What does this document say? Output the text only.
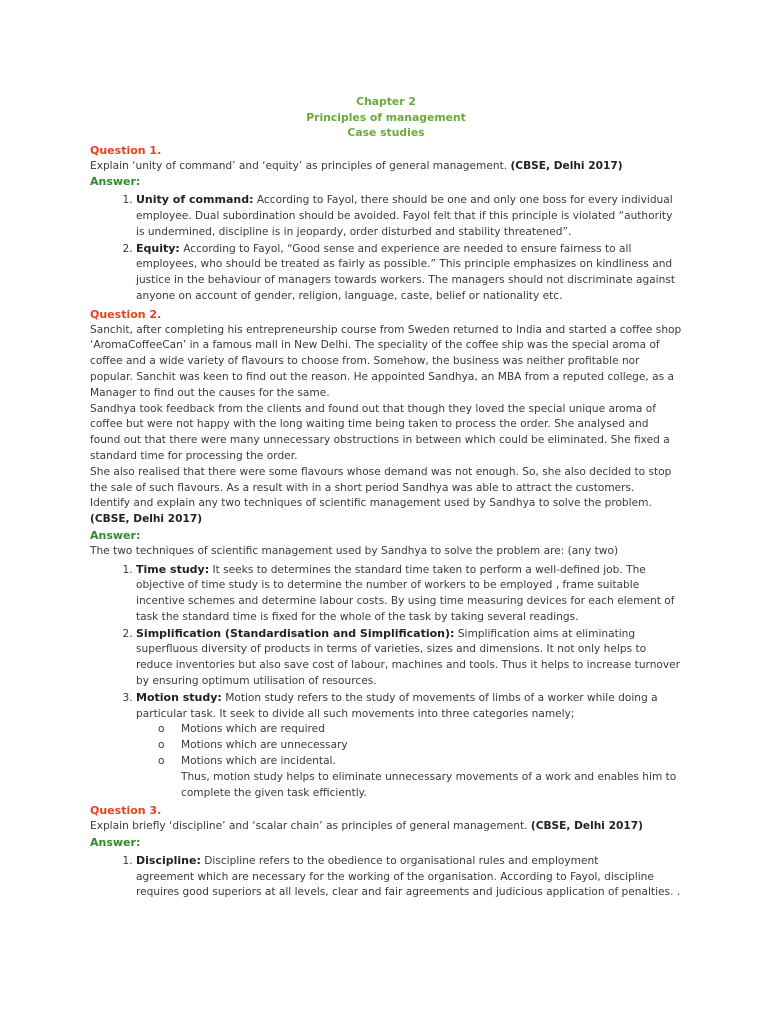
Chapter 2
Principles of management
Case studies
Question 1.

Explain ‘unity of command’ and ‘equity’ as principles of general management. (CBSE, Delhi 2017)

Answer:
1. Unity of command: According to Fayol, there should be one and only one boss for every individual employee. Dual subordination should be avoided. Fayol felt that if this principle is violated “authority is undermined, discipline is in jeopardy, order disturbed and stability threatened”.
2. Equity: According to Fayol, “Good sense and experience are needed to ensure fairness to all employees, who should be treated as fairly as possible.” This principle emphasizes on kindliness and justice in the behaviour of managers towards workers. The managers should not discriminate against anyone on account of gender, religion, language, caste, belief or nationality etc.
Question 2.

Sanchit, after completing his entrepreneurship course from Sweden returned to India and started a coffee shop ‘AromaCoffeeCan’ in a famous mall in New Delhi. The speciality of the coffee ship was the special aroma of coffee and a wide variety of flavours to choose from. Somehow, the business was neither profitable nor popular. Sanchit was keen to find out the reason. He appointed Sandhya, an MBA from a reputed college, as a Manager to find out the causes for the same.

Sandhya took feedback from the clients and found out that though they loved the special unique aroma of coffee but were not happy with the long waiting time being taken to process the order. She analysed and found out that there were many unnecessary obstructions in between which could be eliminated. She fixed a standard time for processing the order.

She also realised that there were some flavours whose demand was not enough. So, she also decided to stop the sale of such flavours. As a result with in a short period Sandhya was able to attract the customers.

Identify and explain any two techniques of scientific management used by Sandhya to solve the problem. (CBSE, Delhi 2017)

Answer:

The two techniques of scientific management used by Sandhya to solve the problem are: (any two)

1. Time study: It seeks to determines the standard time taken to perform a well-defined job. The objective of time study is to determine the number of workers to be employed , frame suitable incentive schemes and determine labour costs. By using time measuring devices for each element of task the standard time is fixed for the whole of the task by taking several readings.
2. Simplification (Standardisation and Simplification): Simplification aims at eliminating superfluous diversity of products in terms of varieties, sizes and dimensions. It not only helps to reduce inventories but also save cost of labour, machines and tools. Thus it helps to increase turnover by ensuring optimum utilisation of resources.
3. Motion study: Motion study refers to the study of movements of limbs of a worker while doing a particular task. It seek to divide all such movements into three categories namely;
o Motions which are required
o Motions which are unnecessary
o Motions which are incidental.

Thus, motion study helps to eliminate unnecessary movements of a work and enables him to complete the given task efficiently.

Question 3.

Explain briefly ‘discipline’ and ‘scalar chain’ as principles of general management. (CBSE, Delhi 2017)

Answer:
1. Discipline: Discipline refers to the obedience to organisational rules and employment
agreement which are necessary for the working of the organisation. According to Fayol, discipline requires good superiors at all levels, clear and fair agreements and judicious application of penalties. .
